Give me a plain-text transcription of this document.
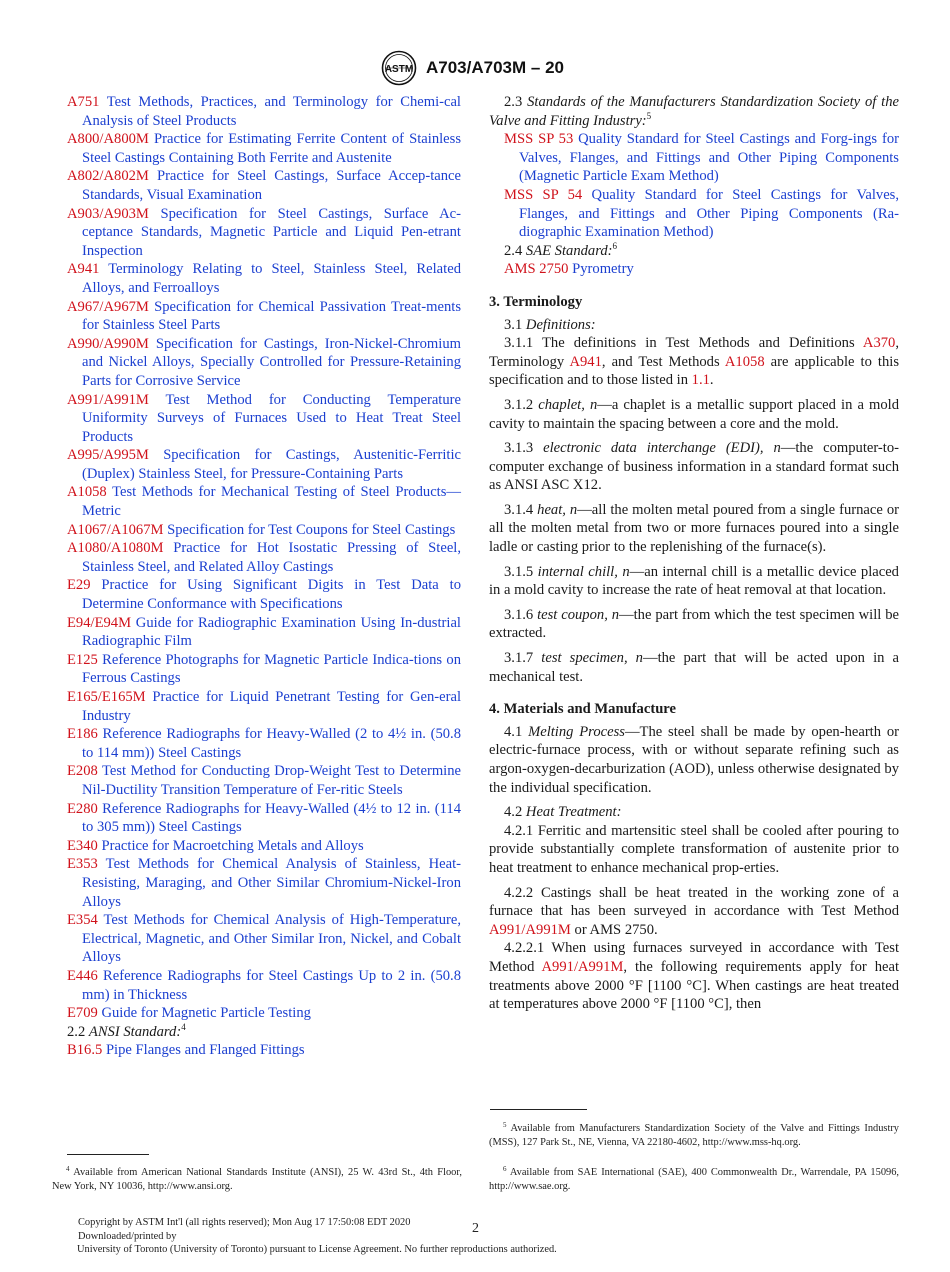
ASTM A703/A703M – 20
A751 Test Methods, Practices, and Terminology for Chemi-cal Analysis of Steel Products
A800/A800M Practice for Estimating Ferrite Content of Stainless Steel Castings Containing Both Ferrite and Austenite
A802/A802M Practice for Steel Castings, Surface Accep-tance Standards, Visual Examination
A903/A903M Specification for Steel Castings, Surface Ac-ceptance Standards, Magnetic Particle and Liquid Pen-etrant Inspection
A941 Terminology Relating to Steel, Stainless Steel, Related Alloys, and Ferroalloys
A967/A967M Specification for Chemical Passivation Treat-ments for Stainless Steel Parts
A990/A990M Specification for Castings, Iron-Nickel-Chromium and Nickel Alloys, Specially Controlled for Pressure-Retaining Parts for Corrosive Service
A991/A991M Test Method for Conducting Temperature Uniformity Surveys of Furnaces Used to Heat Treat Steel Products
A995/A995M Specification for Castings, Austenitic-Ferritic (Duplex) Stainless Steel, for Pressure-Containing Parts
A1058 Test Methods for Mechanical Testing of Steel Products—Metric
A1067/A1067M Specification for Test Coupons for Steel Castings
A1080/A1080M Practice for Hot Isostatic Pressing of Steel, Stainless Steel, and Related Alloy Castings
E29 Practice for Using Significant Digits in Test Data to Determine Conformance with Specifications
E94/E94M Guide for Radiographic Examination Using In-dustrial Radiographic Film
E125 Reference Photographs for Magnetic Particle Indica-tions on Ferrous Castings
E165/E165M Practice for Liquid Penetrant Testing for Gen-eral Industry
E186 Reference Radiographs for Heavy-Walled (2 to 4½ in. (50.8 to 114 mm)) Steel Castings
E208 Test Method for Conducting Drop-Weight Test to Determine Nil-Ductility Transition Temperature of Fer-ritic Steels
E280 Reference Radiographs for Heavy-Walled (4½ to 12 in. (114 to 305 mm)) Steel Castings
E340 Practice for Macroetching Metals and Alloys
E353 Test Methods for Chemical Analysis of Stainless, Heat-Resisting, Maraging, and Other Similar Chromium-Nickel-Iron Alloys
E354 Test Methods for Chemical Analysis of High-Temperature, Electrical, Magnetic, and Other Similar Iron, Nickel, and Cobalt Alloys
E446 Reference Radiographs for Steel Castings Up to 2 in. (50.8 mm) in Thickness
E709 Guide for Magnetic Particle Testing
2.2 ANSI Standard:$^4$
B16.5 Pipe Flanges and Flanged Fittings

2.3 Standards of the Manufacturers Standardization Society of the Valve and Fitting Industry:$^5$

MSS SP 53 Quality Standard for Steel Castings and Forg-ings for Valves, Flanges, and Fittings and Other Piping Components (Magnetic Particle Exam Method)
MSS SP 54 Quality Standard for Steel Castings for Valves, Flanges, and Fittings and Other Piping Components (Ra-diographic Examination Method)

2.4 SAE Standard:$^6$

AMS 2750 Pyrometry
3. Terminology

3.1 Definitions:

3.1.1 The definitions in Test Methods and Definitions A370, Terminology A941, and Test Methods A1058 are applicable to this specification and to those listed in 1.1.

3.1.2 chaplet, n—a chaplet is a metallic support placed in a mold cavity to maintain the spacing between a core and the mold.

3.1.3 electronic data interchange (EDI), n—the computer-to-computer exchange of business information in a standard format such as ANSI ASC X12.

3.1.4 heat, n—all the molten metal poured from a single furnace or all the molten metal from two or more furnaces poured into a single ladle or casting prior to the replenishing of the furnace(s).

3.1.5 internal chill, n—an internal chill is a metallic device placed in a mold cavity to increase the rate of heat removal at that location.

3.1.6 test coupon, n—the part from which the test specimen will be extracted.

3.1.7 test specimen, n—the part that will be acted upon in a mechanical test.

4. Materials and Manufacture

4.1 Melting Process—The steel shall be made by open-hearth or electric-furnace process, with or without separate refining such as argon-oxygen-decarburization (AOD), unless otherwise designated by the individual specification.

4.2 Heat Treatment:

4.2.1 Ferritic and martensitic steel shall be cooled after pouring to provide substantially complete transformation of austenite prior to heat treatment to enhance mechanical prop-erties.

4.2.2 Castings shall be heat treated in the working zone of a furnace that has been surveyed in accordance with Test Method A991/A991M or AMS 2750.

4.2.2.1 When using furnaces surveyed in accordance with Test Method A991/A991M, the following requirements apply for heat treatments above 2000 °F [1100 °C]. When castings are heat treated at temperatures above 2000 °F [1100 °C], then

$^4$ Available from American National Standards Institute (ANSI), 25 W. 43rd St., 4th Floor, New York, NY 10036, http://www.ansi.org.
$^5$ Available from Manufacturers Standardization Society of the Valve and Fittings Industry (MSS), 127 Park St., NE, Vienna, VA 22180-4602, http://www.mss-hq.org.
$^6$ Available from SAE International (SAE), 400 Commonwealth Dr., Warrendale, PA 15096, http://www.sae.org.
Copyright by ASTM Int'l (all rights reserved); Mon Aug 17 17:50:08 EDT 2020
Downloaded/printed by
University of Toronto (University of Toronto) pursuant to License Agreement. No further reproductions authorized.
2
